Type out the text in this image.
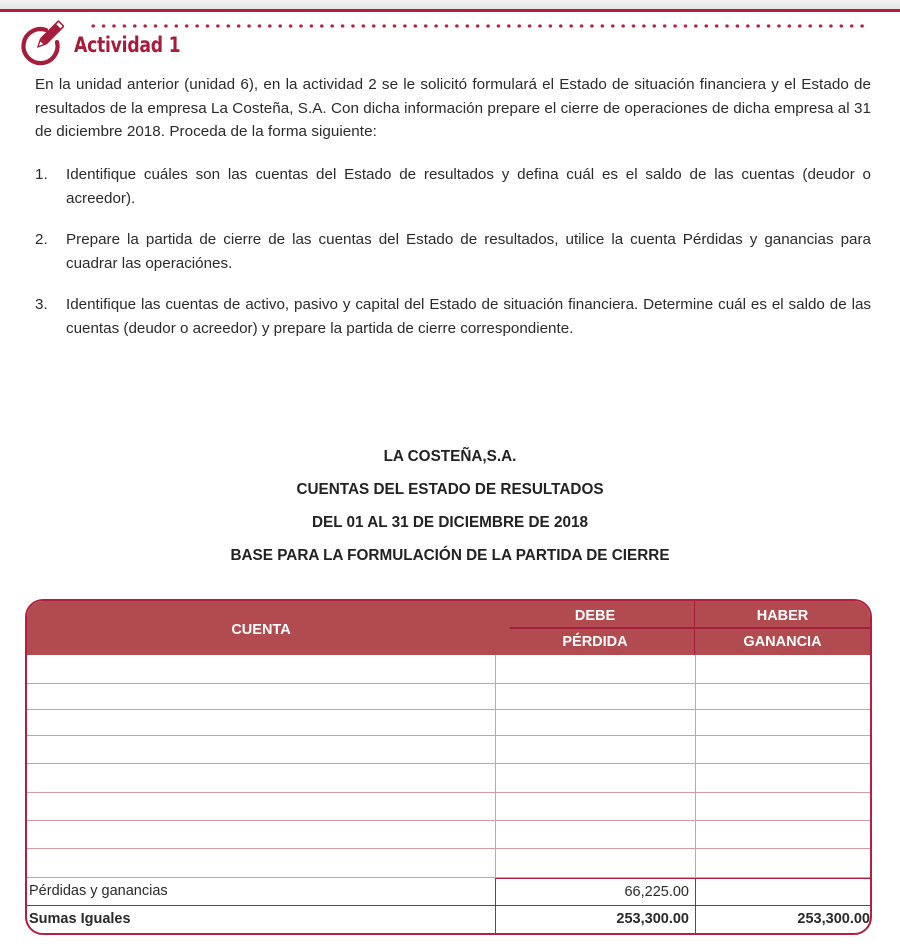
Actividad 1

En la unidad anterior (unidad 6), en la actividad 2 se le solicitó formulará el Estado de situación financiera y el Estado de resultados de la empresa La Costeña, S.A. Con dicha información prepare el cierre de operaciones de dicha empresa al 31 de diciembre 2018. Proceda de la forma siguiente:

1.	Identifique cuáles son las cuentas del Estado de resultados y defina cuál es el saldo de las cuentas (deudor o acreedor).
2.	Prepare la partida de cierre de las cuentas del Estado de resultados, utilice la cuenta Pérdidas y ganancias para cuadrar las operaciónes.
3.	Identifique las cuentas de activo, pasivo y capital del Estado de situación financiera. Determine cuál es el saldo de las cuentas (deudor o acreedor) y prepare la partida de cierre correspondiente.
LA COSTEÑA,S.A.
CUENTAS DEL ESTADO DE RESULTADOS
DEL 01 AL 31 DE DICIEMBRE DE 2018
BASE PARA LA FORMULACIÓN DE LA PARTIDA DE CIERRE
CUENTA
DEBE	HABER
PÉRDIDA	GANANCIA
Pérdidas y ganancias	66,225.00
Sumas Iguales	253,300.00	253,300.00
